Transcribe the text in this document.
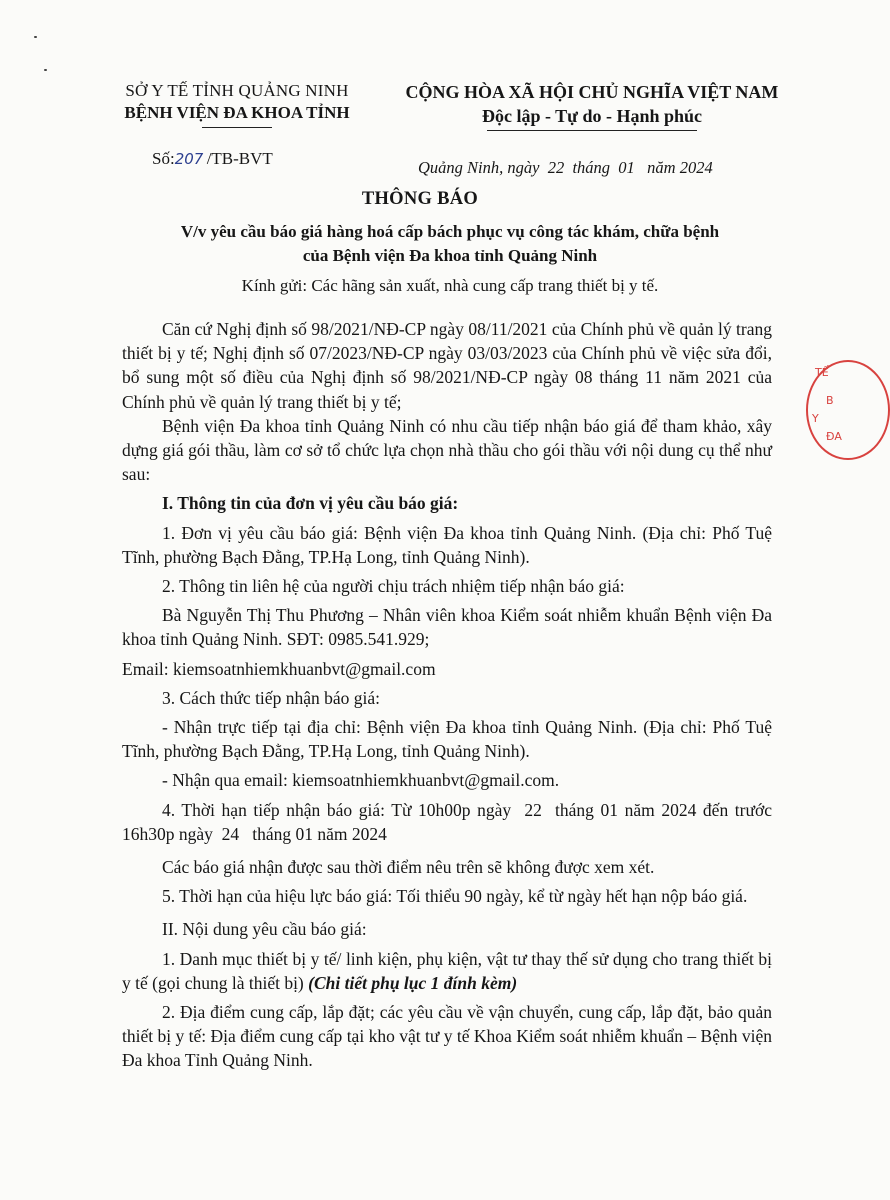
SỞ Y TẾ TỈNH QUẢNG NINH
BỆNH VIỆN ĐA KHOA TỈNH
CỘNG HÒA XÃ HỘI CHỦ NGHĨA VIỆT NAM
Độc lập - Tự do - Hạnh phúc
Số:207 /TB-BVT	Quảng Ninh, ngày  22  tháng  01   năm 2024
THÔNG BÁO
V/v yêu cầu báo giá hàng hoá cấp bách phục vụ công tác khám, chữa bệnh
của Bệnh viện Đa khoa tỉnh Quảng Ninh
Kính gửi: Các hãng sản xuất, nhà cung cấp trang thiết bị y tế.

Căn cứ Nghị định số 98/2021/NĐ-CP ngày 08/11/2021 của Chính phủ về quản lý trang thiết bị y tế; Nghị định số 07/2023/NĐ-CP ngày 03/03/2023 của Chính phủ về việc sửa đổi, bổ sung một số điều của Nghị định số 98/2021/NĐ-CP ngày 08 tháng 11 năm 2021 của Chính phủ về quản lý trang thiết bị y tế;

Bệnh viện Đa khoa tỉnh Quảng Ninh có nhu cầu tiếp nhận báo giá để tham khảo, xây dựng giá gói thầu, làm cơ sở tổ chức lựa chọn nhà thầu cho gói thầu với nội dung cụ thể như sau:

I. Thông tin của đơn vị yêu cầu báo giá:

1. Đơn vị yêu cầu báo giá: Bệnh viện Đa khoa tỉnh Quảng Ninh. (Địa chỉ: Phố Tuệ Tĩnh, phường Bạch Đằng, TP.Hạ Long, tỉnh Quảng Ninh).

2. Thông tin liên hệ của người chịu trách nhiệm tiếp nhận báo giá:

Bà Nguyễn Thị Thu Phương – Nhân viên khoa Kiểm soát nhiễm khuẩn Bệnh viện Đa khoa tỉnh Quảng Ninh. SĐT: 0985.541.929;

Email: kiemsoatnhiemkhuanbvt@gmail.com

3. Cách thức tiếp nhận báo giá:

- Nhận trực tiếp tại địa chỉ: Bệnh viện Đa khoa tỉnh Quảng Ninh. (Địa chỉ: Phố Tuệ Tĩnh, phường Bạch Đằng, TP.Hạ Long, tỉnh Quảng Ninh).

- Nhận qua email: kiemsoatnhiemkhuanbvt@gmail.com.

4. Thời hạn tiếp nhận báo giá: Từ 10h00p ngày  22  tháng 01 năm 2024 đến trước 16h30p ngày  24   tháng 01 năm 2024

Các báo giá nhận được sau thời điểm nêu trên sẽ không được xem xét.

5. Thời hạn của hiệu lực báo giá: Tối thiểu 90 ngày, kể từ ngày hết hạn nộp báo giá.

II. Nội dung yêu cầu báo giá:

1. Danh mục thiết bị y tế/ linh kiện, phụ kiện, vật tư thay thế sử dụng cho trang thiết bị y tế (gọi chung là thiết bị) (Chi tiết phụ lục 1 đính kèm)

2. Địa điểm cung cấp, lắp đặt; các yêu cầu về vận chuyển, cung cấp, lắp đặt, bảo quản thiết bị y tế: Địa điểm cung cấp tại kho vật tư y tế Khoa Kiểm soát nhiễm khuẩn – Bệnh viện Đa khoa Tỉnh Quảng Ninh.

TẾ
B
Y
ĐA
